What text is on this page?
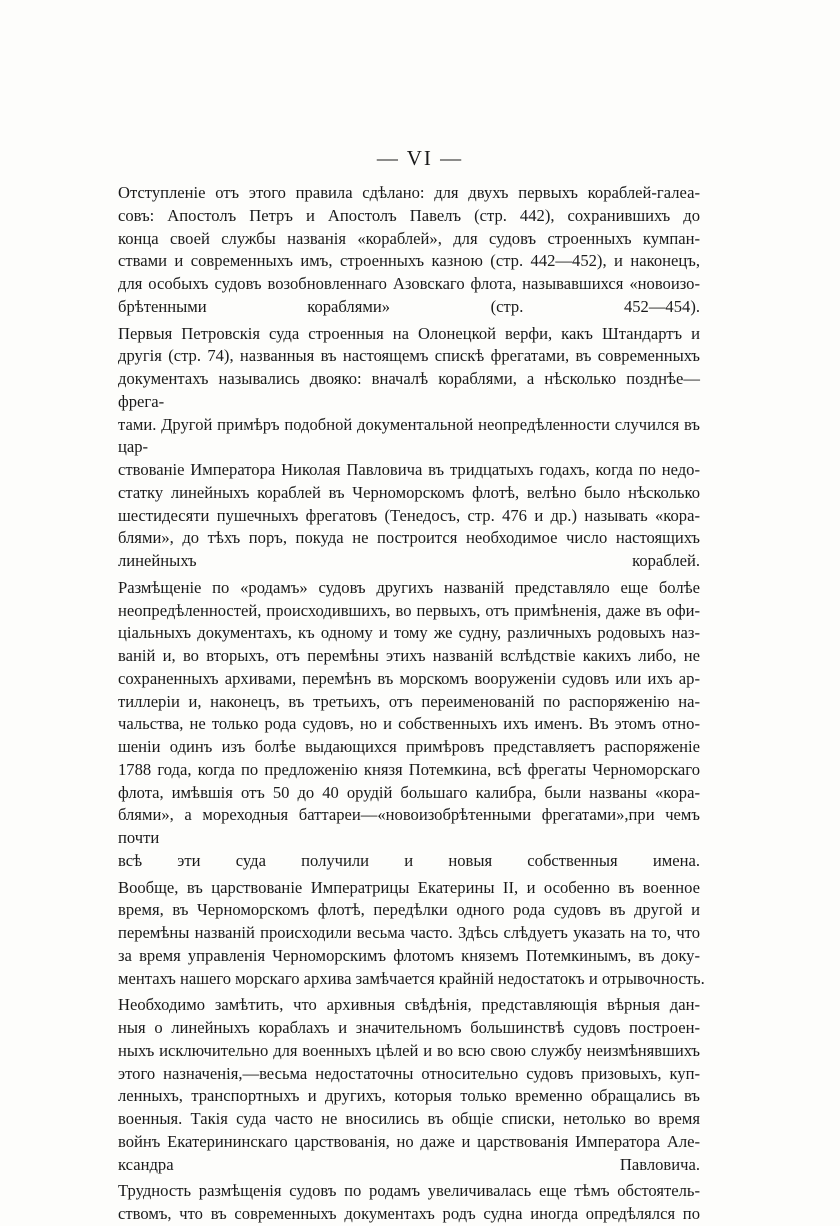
— VI —
Отступленіе отъ этого правила сдѣлано: для двухъ первыхъ кораблей-галеа-
совъ: Апостолъ Петръ и Апостолъ Павелъ (стр. 442), сохранившихъ до
конца своей службы названія «кораблей», для судовъ строенныхъ кумпан-
ствами и современныхъ имъ, строенныхъ казною (стр. 442—452), и наконецъ,
для особыхъ судовъ возобновленнаго Азовскаго флота, называвшихся «новоизо-
брѣтенными кораблями» (стр. 452—454).
Первыя Петровскія суда строенныя на Олонецкой верфи, какъ Штандартъ и
другія (стр. 74), названныя въ настоящемъ спискѣ фрегатами, въ современныхъ
документахъ назывались двояко: вначалѣ кораблями, а нѣсколько позднѣе—фрега-
тами. Другой примѣръ подобной документальной неопредѣленности случился въ цар-
ствованіе Императора Николая Павловича въ тридцатыхъ годахъ, когда по недо-
статку линейныхъ кораблей въ Черноморскомъ флотѣ, велѣно было нѣсколько
шестидесяти пушечныхъ фрегатовъ (Тенедосъ, стр. 476 и др.) называть «кора-
блями», до тѣхъ поръ, покуда не построится необходимое число настоящихъ
линейныхъ кораблей.
Размѣщеніе по «родамъ» судовъ другихъ названій представляло еще болѣе
неопредѣленностей, происходившихъ, во первыхъ, отъ примѣненія, даже въ офи-
ціальныхъ документахъ, къ одному и тому же судну, различныхъ родовыхъ наз-
ваній и, во вторыхъ, отъ перемѣны этихъ названій вслѣдствіе какихъ либо, не
сохраненныхъ архивами, перемѣнъ въ морскомъ вооруженіи судовъ или ихъ ар-
тиллеріи и, наконецъ, въ третьихъ, отъ переименованій по распоряженію на-
чальства, не только рода судовъ, но и собственныхъ ихъ именъ. Въ этомъ отно-
шеніи одинъ изъ болѣе выдающихся примѣровъ представляетъ распоряженіе
1788 года, когда по предложенію князя Потемкина, всѣ фрегаты Черноморскаго
флота, имѣвшія отъ 50 до 40 орудій большаго калибра, были названы «кора-
блями», а мореходныя баттареи—«новоизобрѣтенными фрегатами»,при чемъ почти
всѣ эти суда получили и новыя собственныя имена.
Вообще, въ царствованіе Императрицы Екатерины II, и особенно въ военное
время, въ Черноморскомъ флотѣ, передѣлки одного рода судовъ въ другой и
перемѣны названій происходили весьма часто. Здѣсь слѣдуетъ указать на то, что
за время управленія Черноморскимъ флотомъ княземъ Потемкинымъ, въ доку-
ментахъ нашего морскаго архива замѣчается крайній недостатокъ и отрывочность.
Необходимо замѣтить, что архивныя свѣдѣнія, представляющія вѣрныя дан-
ныя о линейныхъ кораблахъ и значительномъ большинствѣ судовъ построен-
ныхъ исключительно для военныхъ цѣлей и во всю свою службу неизмѣнявшихъ
этого назначенія,—весьма недостаточны относительно судовъ призовыхъ, куп-
ленныхъ, транспортныхъ и другихъ, которыя только временно обращались въ
военныя. Такія суда часто не вносились въ общіе списки, нетолько во время
войнъ Екатерининскаго царствованія, но даже и царствованія Императора Але-
ксандра Павловича.
Трудность размѣщенія судовъ по родамъ увеличивалась еще тѣмъ обстоятель-
ствомъ, что въ современныхъ документахъ родъ судна иногда опредѣлялся по
